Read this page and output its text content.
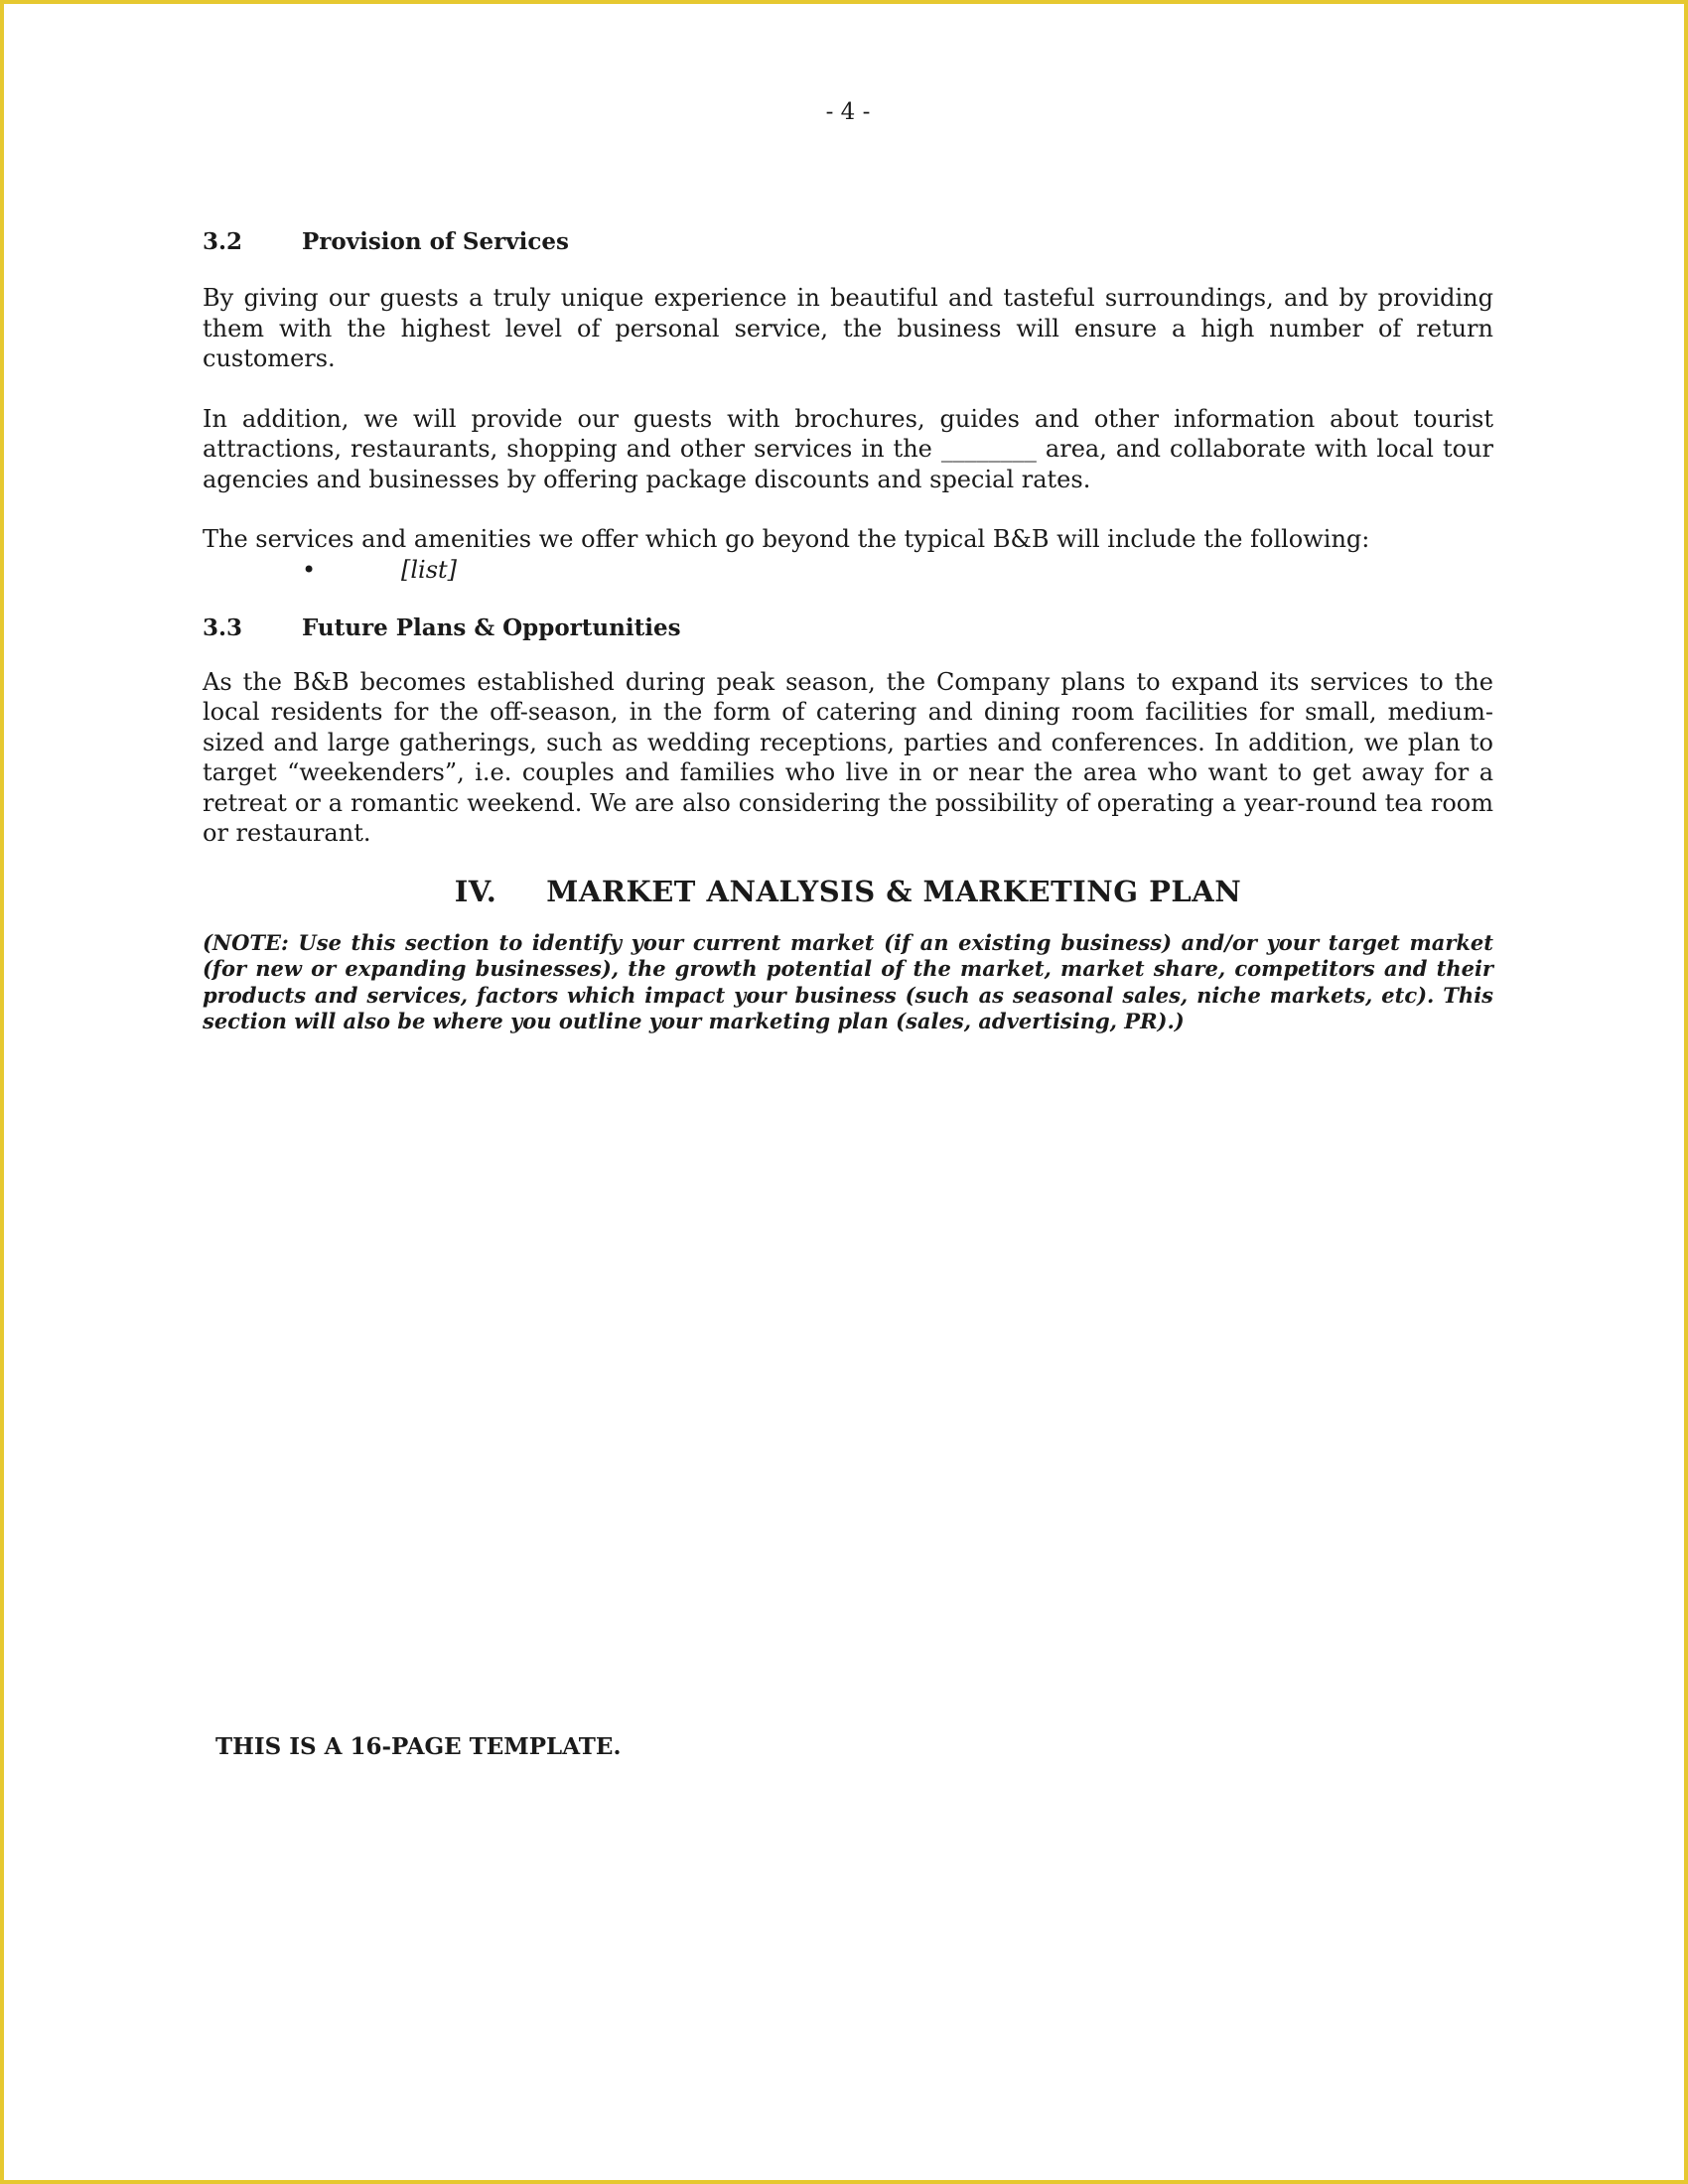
- 4 -
3.2	Provision of Services

By giving our guests a truly unique experience in beautiful and tasteful surroundings, and by providing them with the highest level of personal service, the business will ensure a high number of return customers.

In addition, we will provide our guests with brochures, guides and other information about tourist attractions, restaurants, shopping and other services in the ________ area, and collaborate with local tour agencies and businesses by offering package discounts and special rates.

The services and amenities we offer which go beyond the typical B&B will include the following:

•	[list]
3.3	Future Plans & Opportunities

As the B&B becomes established during peak season, the Company plans to expand its services to the local residents for the off-season, in the form of catering and dining room facilities for small, medium-sized and large gatherings, such as wedding receptions, parties and conferences. In addition, we plan to target “weekenders”, i.e. couples and families who live in or near the area who want to get away for a retreat or a romantic weekend. We are also considering the possibility of operating a year-round tea room or restaurant.

IV. MARKET ANALYSIS & MARKETING PLAN

(NOTE: Use this section to identify your current market (if an existing business) and/or your target market (for new or expanding businesses), the growth potential of the market, market share, competitors and their products and services, factors which impact your business (such as seasonal sales, niche markets, etc). This section will also be where you outline your marketing plan (sales, advertising, PR).)

THIS IS A 16-PAGE TEMPLATE.
